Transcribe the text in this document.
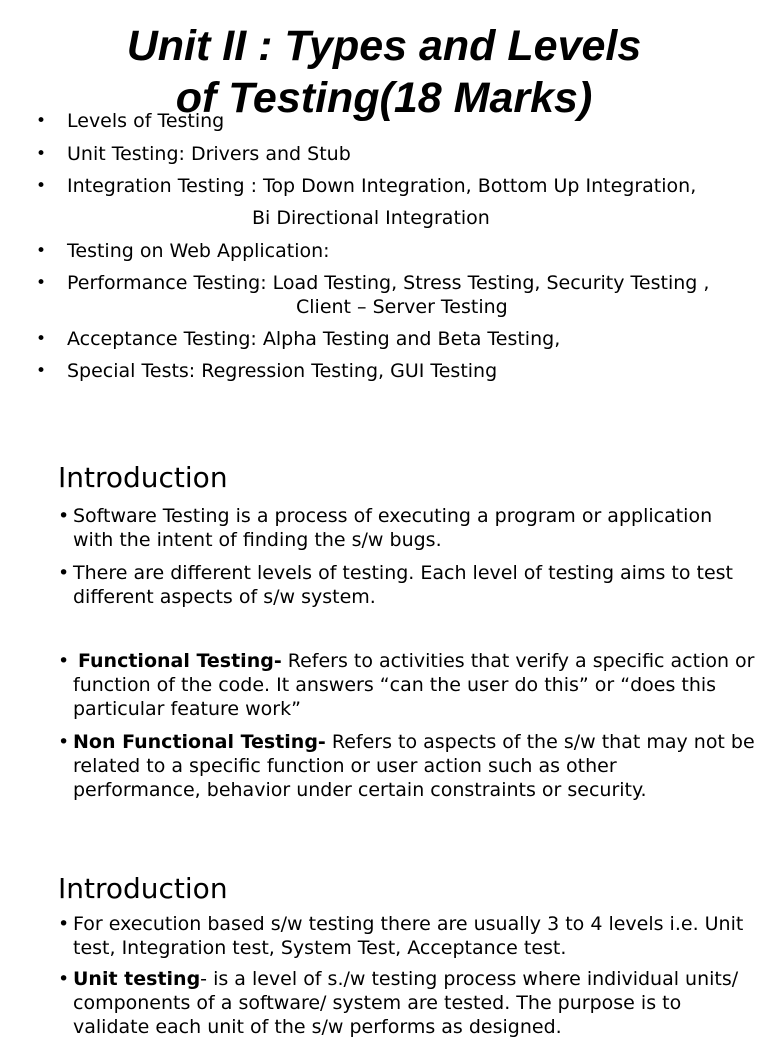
Unit II : Types and Levels
of Testing(18 Marks)
• Levels of Testing
• Unit Testing: Drivers and Stub
• Integration Testing : Top Down Integration, Bottom Up Integration,
Bi Directional Integration
• Testing on Web Application:
• Performance Testing: Load Testing, Stress Testing, Security Testing ,
Client – Server Testing
• Acceptance Testing: Alpha Testing and Beta Testing,
• Special Tests: Regression Testing, GUI Testing
Introduction
• Software Testing is a process of executing a program or application
with the intent of finding the s/w bugs.
• There are different levels of testing. Each level of testing aims to test
different aspects of s/w system.
• Functional Testing- Refers to activities that verify a specific action or
function of the code. It answers “can the user do this” or “does this
particular feature work”
• Non Functional Testing- Refers to aspects of the s/w that may not be
related to a specific function or user action such as other
performance, behavior under certain constraints or security.
Introduction
• For execution based s/w testing there are usually 3 to 4 levels i.e. Unit
test, Integration test, System Test, Acceptance test.
• Unit testing- is a level of s./w testing process where individual units/
components of a software/ system are tested. The purpose is to
validate each unit of the s/w performs as designed.
